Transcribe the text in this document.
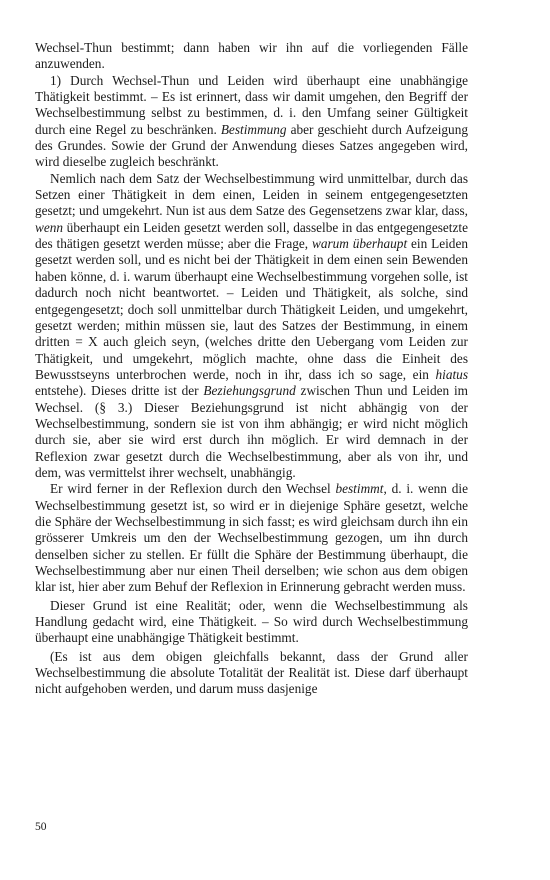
Wechsel-Thun bestimmt; dann haben wir ihn auf die vorliegenden Fälle anzuwenden.

1) Durch Wechsel-Thun und Leiden wird überhaupt eine unabhängige Thätigkeit bestimmt. – Es ist erinnert, dass wir damit umgehen, den Begriff der Wechselbestimmung selbst zu bestimmen, d. i. den Umfang seiner Gültigkeit durch eine Regel zu beschränken. Bestimmung aber geschieht durch Aufzeigung des Grundes. Sowie der Grund der Anwendung dieses Satzes angegeben wird, wird dieselbe zugleich beschränkt.

Nemlich nach dem Satz der Wechselbestimmung wird unmittelbar, durch das Setzen einer Thätigkeit in dem einen, Leiden in seinem entgegengesetzten gesetzt; und umgekehrt. Nun ist aus dem Satze des Gegensetzens zwar klar, dass, wenn überhaupt ein Leiden gesetzt werden soll, dasselbe in das entgegengesetzte des thätigen gesetzt werden müsse; aber die Frage, warum überhaupt ein Leiden gesetzt werden soll, und es nicht bei der Thätigkeit in dem einen sein Bewenden haben könne, d. i. warum überhaupt eine Wechselbestimmung vorgehen solle, ist dadurch noch nicht beantwortet. – Leiden und Thätigkeit, als solche, sind entgegengesetzt; doch soll unmittelbar durch Thätigkeit Leiden, und umgekehrt, gesetzt werden; mithin müssen sie, laut des Satzes der Bestimmung, in einem dritten = X auch gleich seyn, (welches dritte den Uebergang vom Leiden zur Thätigkeit, und umgekehrt, möglich machte, ohne dass die Einheit des Bewusstseyns unterbrochen werde, noch in ihr, dass ich so sage, ein hiatus entstehe). Dieses dritte ist der Beziehungsgrund zwischen Thun und Leiden im Wechsel. (§ 3.) Dieser Beziehungsgrund ist nicht abhängig von der Wechselbestimmung, sondern sie ist von ihm abhängig; er wird nicht möglich durch sie, aber sie wird erst durch ihn möglich. Er wird demnach in der Reflexion zwar gesetzt durch die Wechselbestimmung, aber als von ihr, und dem, was vermittelst ihrer wechselt, unabhängig.

Er wird ferner in der Reflexion durch den Wechsel bestimmt, d. i. wenn die Wechselbestimmung gesetzt ist, so wird er in diejenige Sphäre gesetzt, welche die Sphäre der Wechselbestimmung in sich fasst; es wird gleichsam durch ihn ein grösserer Umkreis um den der Wechselbestimmung gezogen, um ihn durch denselben sicher zu stellen. Er füllt die Sphäre der Bestimmung überhaupt, die Wechselbestimmung aber nur einen Theil derselben; wie schon aus dem obigen klar ist, hier aber zum Behuf der Reflexion in Erinnerung gebracht werden muss.

Dieser Grund ist eine Realität; oder, wenn die Wechselbestimmung als Handlung gedacht wird, eine Thätigkeit. – So wird durch Wechselbestimmung überhaupt eine unabhängige Thätigkeit bestimmt.

(Es ist aus dem obigen gleichfalls bekannt, dass der Grund aller Wechselbestimmung die absolute Totalität der Realität ist. Diese darf überhaupt nicht aufgehoben werden, und darum muss dasjenige

50
